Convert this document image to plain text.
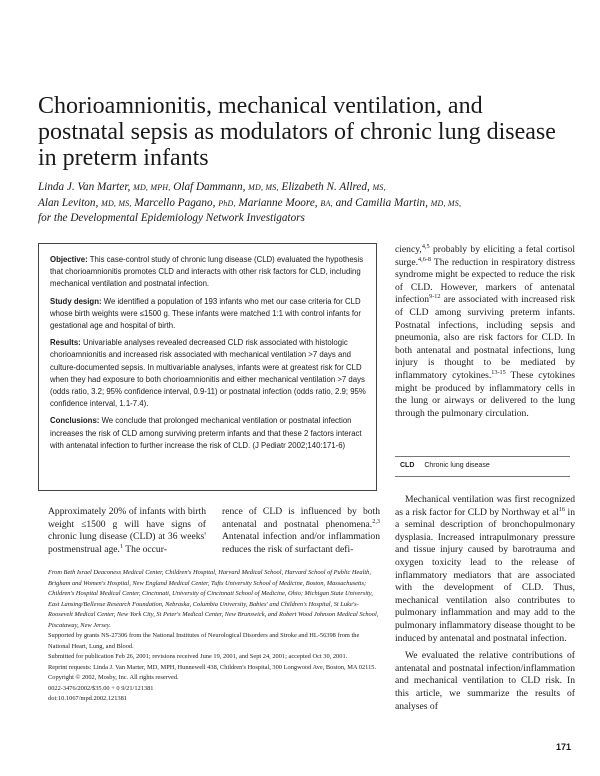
Chorioamnionitis, mechanical ventilation, and postnatal sepsis as modulators of chronic lung disease in preterm infants
Linda J. Van Marter, MD, MPH, Olaf Dammann, MD, MS, Elizabeth N. Allred, MS,
Alan Leviton, MD, MS, Marcello Pagano, PhD, Marianne Moore, BA, and Camilia Martin, MD, MS,
for the Developmental Epidemiology Network Investigators

Objective: This case-control study of chronic lung disease (CLD) evaluated the hypothesis that chorioamnionitis promotes CLD and interacts with other risk factors for CLD, including mechanical ventilation and postnatal infection.

Study design: We identified a population of 193 infants who met our case criteria for CLD whose birth weights were ≤1500 g. These infants were matched 1:1 with control infants for gestational age and hospital of birth.

Results: Univariable analyses revealed decreased CLD risk associated with histologic chorioamnionitis and increased risk associated with mechanical ventilation >7 days and culture-documented sepsis. In multivariable analyses, infants were at greatest risk for CLD when they had exposure to both chorioamnionitis and either mechanical ventilation >7 days (odds ratio, 3.2; 95% confidence interval, 0.9-11) or postnatal infection (odds ratio, 2.9; 95% confidence interval, 1.1-7.4).

Conclusions: We conclude that prolonged mechanical ventilation or postnatal infection increases the risk of CLD among surviving preterm infants and that these 2 factors interact with antenatal infection to further increase the risk of CLD. (J Pediatr 2002;140:171-6)

ciency,$^{4,5}$ probably by eliciting a fetal cortisol surge.$^{4,6-8}$ The reduction in respiratory distress syndrome might be expected to reduce the risk of CLD. However, markers of antenatal infection$^{9-12}$ are associated with increased risk of CLD among surviving preterm infants. Postnatal infections, including sepsis and pneumonia, also are risk factors for CLD. In both antenatal and postnatal infections, lung injury is thought to be mediated by inflammatory cytokines.$^{13-15}$ These cytokines might be produced by inflammatory cells in the lung or airways or delivered to the lung through the pulmonary circulation.

CLD Chronic lung disease

Mechanical ventilation was first recognized as a risk factor for CLD by Northway et $al^{16}$ in a seminal description of bronchopulmonary dysplasia. Increased intrapulmonary pressure and tissue injury caused by barotrauma and oxygen toxicity lead to the release of inflammatory mediators that are associated with the development of CLD. Thus, mechanical ventilation also contributes to pulmonary inflammation and may add to the pulmonary inflammatory disease thought to be induced by antenatal and postnatal infection.

We evaluated the relative contributions of antenatal and postnatal infection/inflammation and mechanical ventilation to CLD risk. In this article, we summarize the results of analyses of

Approximately 20% of infants with birth weight ≤1500 g will have signs of chronic lung disease (CLD) at 36 weeks' postmenstrual age.$^1$ The occur-

rence of CLD is influenced by both antenatal and postnatal phenomena.$^{2,3}$ Antenatal infection and/or inflammation reduces the risk of surfactant defi-

From Beth Israel Deaconess Medical Center, Children's Hospital, Harvard Medical School, Harvard School of Public Health, Brigham and Women's Hospital, New England Medical Center, Tufts University School of Medicine, Boston, Massachusetts; Children's Hospital Medical Center, Cincinnati, University of Cincinnati School of Medicine, Ohio; Michigan State University, East Lansing/Bellevue Research Foundation, Nebraska, Columbia University, Babies' and Children's Hospital, St Luke's-Roosevelt Medical Center, New York City, St Peter's Medical Center, New Brunswick, and Robert Wood Johnson Medical School, Piscataway, New Jersey.

Supported by grants NS-27306 from the National Institutes of Neurological Disorders and Stroke and HL-56398 from the National Heart, Lung, and Blood.

Submitted for publication Feb 26, 2001; revisions received June 19, 2001, and Sept 24, 2001; accepted Oct 30, 2001.

Reprint requests: Linda J. Van Marter, MD, MPH, Hunnewell 438, Children's Hospital, 300 Longwood Ave, Boston, MA 02115.

Copyright © 2002, Mosby, Inc. All rights reserved.

0022-3476/2002/$35.00 + 0 9/21/121381

doi:10.1067/mpd.2002.121381

171
